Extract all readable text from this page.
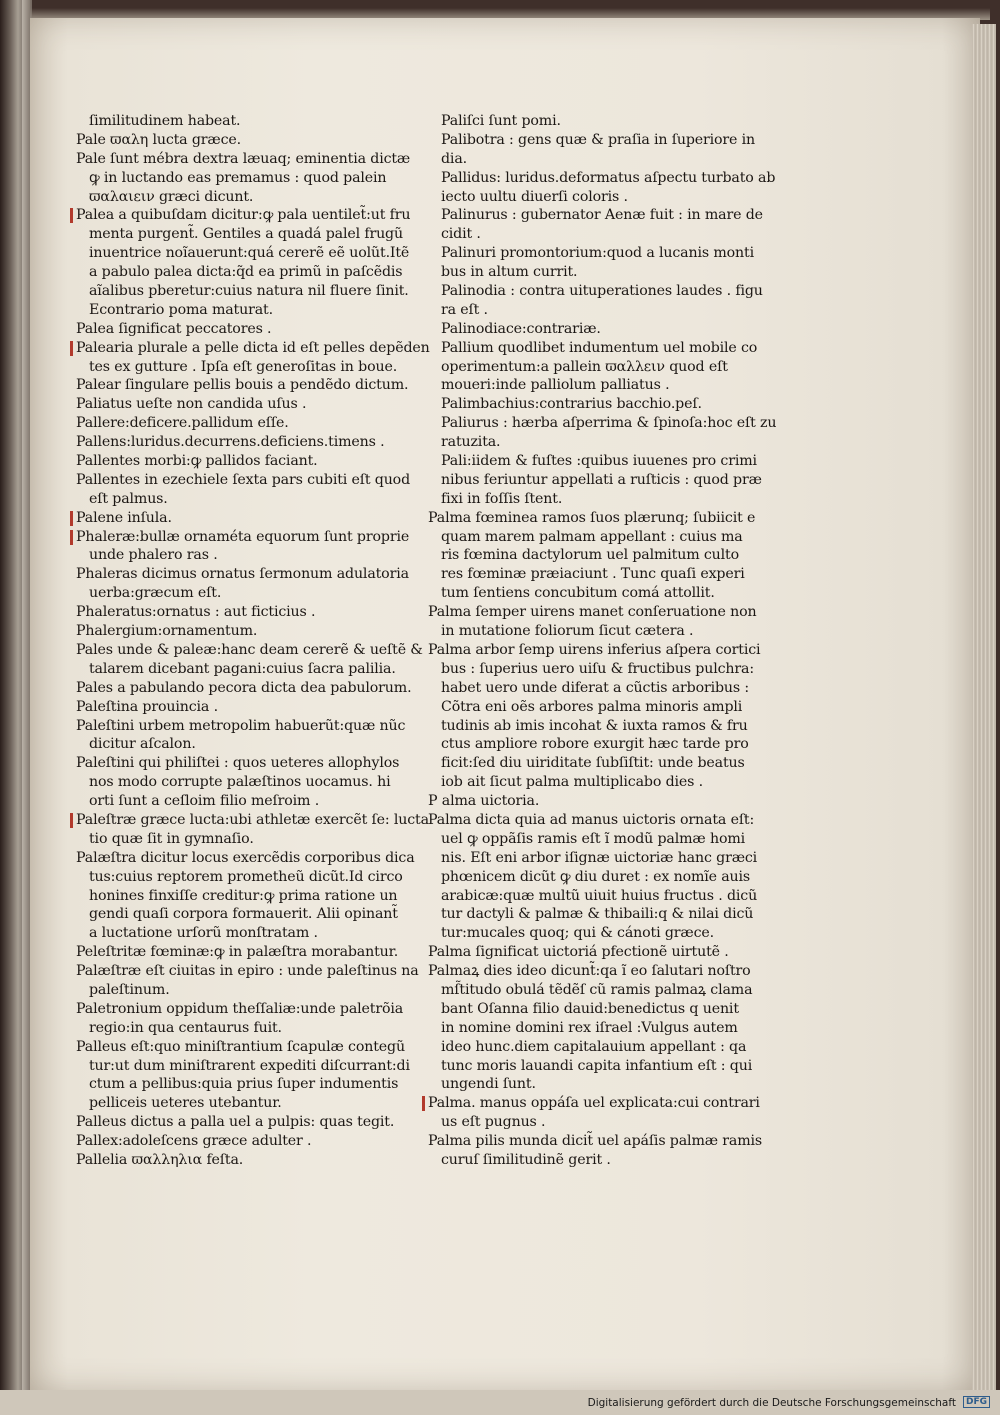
ſimilitudinem habeat.
Pale ϖαλη lucta græce.
Pale ſunt mébra dextra læuaq; eminentia dictæ
ꝙ in luctando eas premamus : quod palein
ϖαλαιειν græci dicunt.
Palea a quibuſdam dicitur:ꝙ pala uentilet̃:ut fru
menta purgent̃. Gentiles a quadá palel frugũ
inuentrice noĩauerunt:quá cererẽ eẽ uolũt.Itẽ
a pabulo palea dicta:q̃d ea primũ in paſcẽdis
aĩalibus pberetur:cuius natura nil fluere ſinit.
Econtrario poma maturat.
Palea ſignificat peccatores .
Palearia plurale a pelle dicta id eſt pelles depẽden
tes ex gutture . Ipſa eſt generoſitas in boue.
Palear ſingulare pellis bouis a pendẽdo dictum.
Paliatus ueſte non candida uſus .
Pallere:deficere.pallidum eſſe.
Pallens:luridus.decurrens.deficiens.timens .
Pallentes morbi:ꝙ pallidos faciant.
Pallentes in ezechiele ſexta pars cubiti eſt quod
eſt palmus.
Palene inſula.
Phaleræ:bullæ ornaméta equorum ſunt proprie
unde phalero ras .
Phaleras dicimus ornatus ſermonum adulatoria
uerba:græcum eſt.
Phaleratus:ornatus : aut ficticius .
Phalergium:ornamentum.
Pales unde & paleæ:hanc deam cererẽ & ueſtẽ &
talarem dicebant pagani:cuius ſacra palilia.
Pales a pabulando pecora dicta dea pabulorum.
Paleſtina prouincia .
Paleſtini urbem metropolim habuerũt:quæ nũc
dicitur aſcalon.
Paleſtini qui philiſtei : quos ueteres allophylos
nos modo corrupte palæſtinos uocamus. hi
orti ſunt a ceſloim filio meſroim .
Paleſtræ græce lucta:ubi athletæ exercẽt ſe: lucta
tio quæ ſit in gymnaſio.
Palæſtra dicitur locus exercẽdis corporibus dica
tus:cuius reptorem prometheũ dicũt.Id circo
honines finxiſſe creditur:ꝙ prima ratione un
gendi quaſi corpora formauerit. Alii opinant̃
a luctatione urſorũ monſtratam .
Peleſtritæ fœminæ:ꝙ in palæſtra morabantur.
Palæſtræ eſt ciuitas in epiro : unde paleſtinus na
paleſtinum.
Paletronium oppidum theſſaliæ:unde paletrõia
regio:in qua centaurus fuit.
Palleus eſt:quo miniſtrantium ſcapulæ contegũ
tur:ut dum miniſtrarent expediti diſcurrant:di
ctum a pellibus:quia prius ſuper indumentis
pelliceis ueteres utebantur.
Palleus dictus a palla uel a pulpis: quas tegit.
Pallex:adoleſcens græce adulter .
Pallelia ϖαλληλια feſta.
Paliſci ſunt pomi.
Palibotra : gens quæ & praſia in ſuperiore in
dia.
Pallidus: luridus.deformatus aſpectu turbato ab
iecto uultu diuerſi coloris .
Palinurus : gubernator Aenæ fuit : in mare de
cidit .
Palinuri promontorium:quod a lucanis monti
bus in altum currit.
Palinodia : contra uituperationes laudes . figu
ra eſt .
Palinodiace:contrariæ.
Pallium quodlibet indumentum uel mobile co
operimentum:a pallein ϖαλλειν quod eſt
moueri:inde palliolum palliatus .
Palimbachius:contrarius bacchio.peſ.
Paliurus : hærba aſperrima & ſpinoſa:hoc eſt zu
ratuzita.
Pali:iidem & fuſtes :quibus iuuenes pro crimi
nibus feriuntur appellati a ruſticis : quod præ
fixi in foſſis ſtent.
Palma fœminea ramos ſuos plærunq; ſubiicit e
quam marem palmam appellant : cuius ma
ris fœmina dactylorum uel palmitum culto
res fœminæ præiaciunt . Tunc quaſi experi
tum ſentiens concubitum comá attollit.
Palma ſemper uirens manet conſeruatione non
in mutatione foliorum ſicut cætera .
Palma arbor ſemp uirens inferius aſpera cortici
bus : ſuperius uero uiſu & fructibus pulchra:
habet uero unde diferat a cũctis arboribus :
Cõtra eni oẽs arbores palma minoris ampli
tudinis ab imis incohat & iuxta ramos & fru
ctus ampliore robore exurgit hæc tarde pro
ficit:ſed diu uiriditate ſubſiſtit: unde beatus
iob ait ſicut palma multiplicabo dies .
P alma uictoria.
Palma dicta quia ad manus uictoris ornata eſt:
uel ꝙ oppãſis ramis eſt ĩ modũ palmæ homi
nis. Eſt eni arbor iſignæ uictoriæ hanc græci
phœnicem dicũt ꝙ diu duret : ex nomĩe auis
arabicæ:quæ multũ uiuit huius fructus . dicũ
tur dactyli & palmæ & thibaili:q & nilai dicũ
tur:mucales quoq; qui & cánoti græce.
Palma ſignificat uictoriá pfectionẽ uirtutẽ .
Palmaꝝ dies ideo dicunt̃:qa ĩ eo ſalutari noſtro
mſ̃titudo obulá tẽdẽſ cũ ramis palmaꝝ clama
bant Oſanna filio dauid:benedictus q uenit
in nomine domini rex iſrael :Vulgus autem
ideo hunc.diem capitalauium appellant : qa
tunc moris lauandi capita infantium eſt : qui
ungendi ſunt.
Palma. manus oppáſa uel explicata:cui contrari
us eſt pugnus .
Palma pilis munda dicit̃ uel apáſis palmæ ramis
curuſ ſimilitudinẽ gerit .
Digitalisierung gefördert durch die Deutsche Forschungsgemeinschaft	DFG
